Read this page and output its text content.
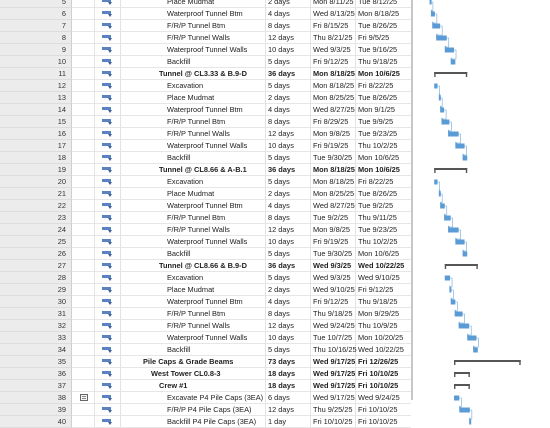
5	Place Mudmat	2 days	Mon 8/11/25 Tue 8/12/25
6	Waterproof Tunnel Btm	4 days	Wed 8/13/25 Mon 8/18/25
7	F/R/P Tunnel Btm	8 days	Fri 8/15/25	Tue 8/26/25
8	F/R/P Tunnel Walls	12 days	Thu 8/21/25 Fri 9/5/25
9	Waterproof Tunnel Walls	10 days	Wed 9/3/25 Tue 9/16/25
10	Backfill	5 days	Fri 9/12/25	Thu 9/18/25
11	Tunnel @ CL3.33 & B.9-D	36 days	Mon 8/18/25 Mon 10/6/25
12	Excavation	5 days	Mon 8/18/25 Fri 8/22/25
13	Place Mudmat	2 days	Mon 8/25/25 Tue 8/26/25
14	Waterproof Tunnel Btm	4 days	Wed 8/27/25 Mon 9/1/25
15	F/R/P Tunnel Btm	8 days	Fri 8/29/25	Tue 9/9/25
16	F/R/P Tunnel Walls	12 days	Mon 9/8/25	Tue 9/23/25
17	Waterproof Tunnel Walls	10 days	Fri 9/19/25	Thu 10/2/25
18	Backfill	5 days	Tue 9/30/25 Mon 10/6/25
19	Tunnel @ CL8.66 & A-B.1	36 days	Mon 8/18/25 Mon 10/6/25
20	Excavation	5 days	Mon 8/18/25 Fri 8/22/25
21	Place Mudmat	2 days	Mon 8/25/25 Tue 8/26/25
22	Waterproof Tunnel Btm	4 days	Wed 8/27/25 Tue 9/2/25
23	F/R/P Tunnel Btm	8 days	Tue 9/2/25	Thu 9/11/25
24	F/R/P Tunnel Walls	12 days	Mon 9/8/25	Tue 9/23/25
25	Waterproof Tunnel Walls	10 days	Fri 9/19/25	Thu 10/2/25
26	Backfill	5 days	Tue 9/30/25 Mon 10/6/25
27	Tunnel @ CL8.66 & B.9-D	36 days	Wed 9/3/25 Wed 10/22/25
28	Excavation	5 days	Wed 9/3/25 Wed 9/10/25
29	Place Mudmat	2 days	Wed 9/10/25 Fri 9/12/25
30	Waterproof Tunnel Btm	4 days	Fri 9/12/25	Thu 9/18/25
31	F/R/P Tunnel Btm	8 days	Thu 9/18/25 Mon 9/29/25
32	F/R/P Tunnel Walls	12 days	Wed 9/24/25 Thu 10/9/25
33	Waterproof Tunnel Walls	10 days	Tue 10/7/25 Mon 10/20/25
34	Backfill	5 days	Thu 10/16/25 Wed 10/22/25
35	Pile Caps & Grade Beams	73 days	Wed 9/17/25 Fri 12/26/25
36	West Tower CL0.8-3	18 days	Wed 9/17/25 Fri 10/10/25
37	Crew #1	18 days	Wed 9/17/25 Fri 10/10/25
38	Excavate P4 Pile Caps (3EA) 6 days	Wed 9/17/25 Wed 9/24/25
39	F/R/P P4 Pile Caps (3EA)	12 days	Thu 9/25/25 Fri 10/10/25
40	Backfill P4 Pile Caps (3EA)	1 day	Fri 10/10/25 Fri 10/10/25
